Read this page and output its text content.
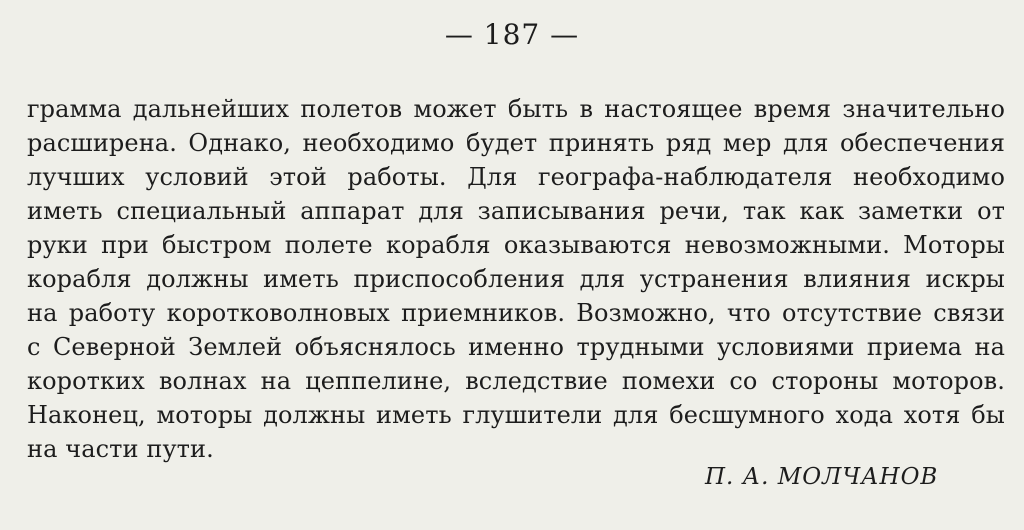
— 187 —
грамма дальнейших полетов может быть в настоящее время значительно
расширена. Однако, необходимо будет принять ряд мер для обеспечения
лучших условий этой работы. Для географа-наблюдателя необходимо
иметь специальный аппарат для записывания речи, так как заметки от
руки при быстром полете корабля оказываются невозможными. Моторы
корабля должны иметь приспособления для устранения влияния искры
на работу коротковолновых приемников. Возможно, что отсутствие связи
с Северной Землей объяснялось именно трудными условиями приема на
коротких волнах на цеппелине, вследствие помехи со стороны моторов.
Наконец, моторы должны иметь глушители для бесшумного хода хотя бы
на части пути.
П. А. МОЛЧАНОВ
